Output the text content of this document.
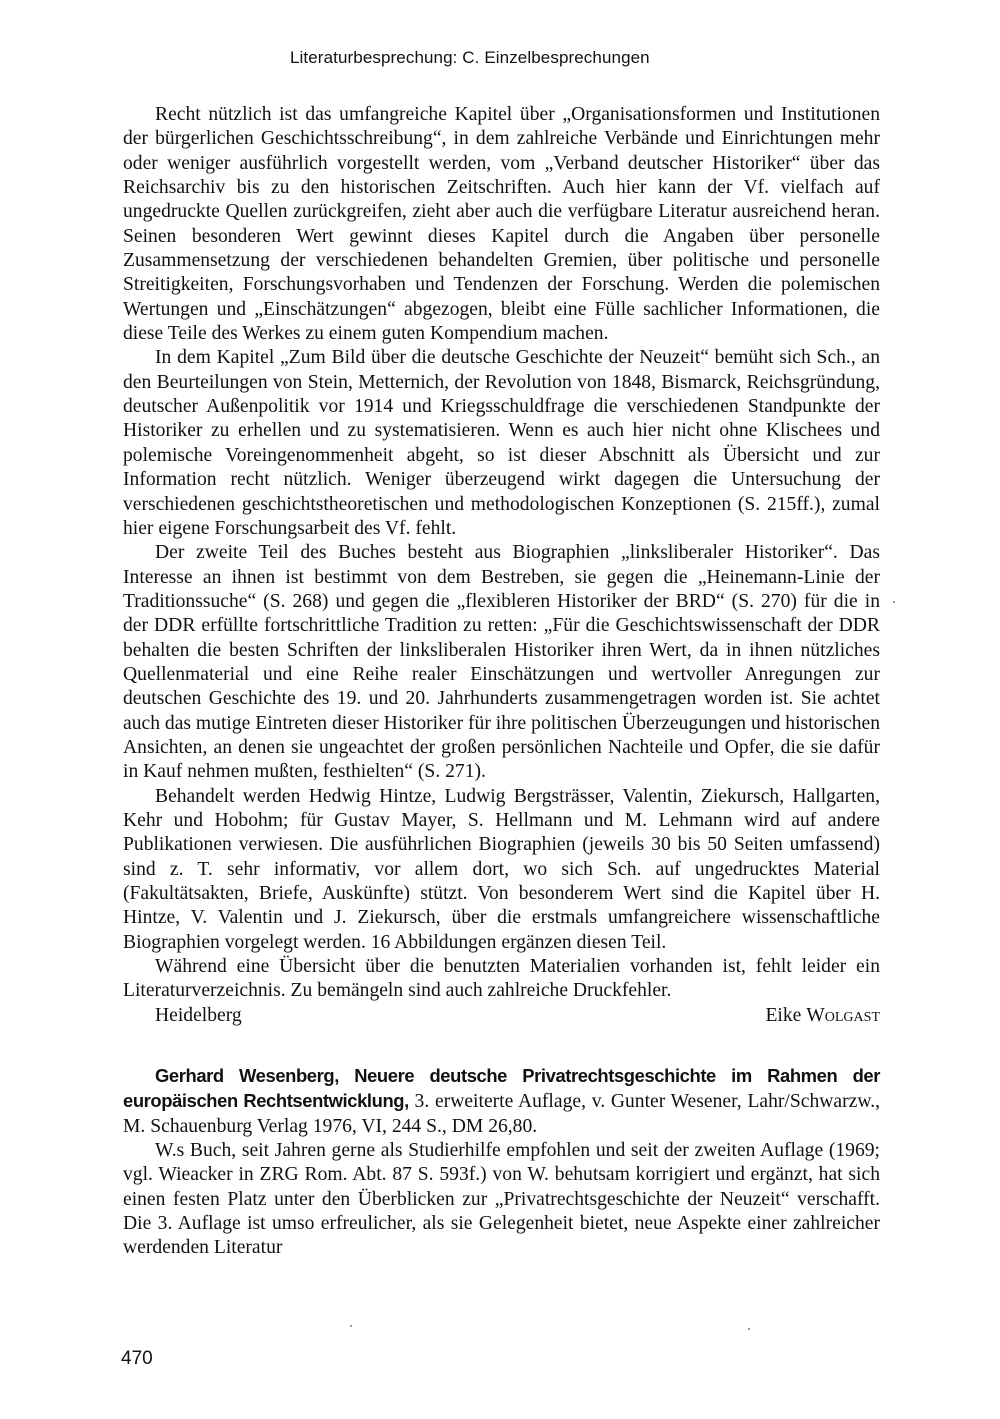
Literaturbesprechung: C. Einzelbesprechungen

Recht nützlich ist das umfangreiche Kapitel über „Organisationsformen und Institutionen der bürgerlichen Geschichtsschreibung“, in dem zahlreiche Verbände und Einrichtungen mehr oder weniger ausführlich vorgestellt werden, vom „Verband deutscher Historiker“ über das Reichsarchiv bis zu den historischen Zeitschriften. Auch hier kann der Vf. vielfach auf ungedruckte Quellen zurückgreifen, zieht aber auch die verfügbare Literatur ausreichend heran. Seinen besonderen Wert gewinnt dieses Kapitel durch die Angaben über personelle Zusammensetzung der verschiedenen behandelten Gremien, über politische und personelle Streitigkeiten, Forschungsvorhaben und Tendenzen der Forschung. Werden die polemischen Wertungen und „Einschätzungen“ abgezogen, bleibt eine Fülle sachlicher Informationen, die diese Teile des Werkes zu einem guten Kompendium machen.

In dem Kapitel „Zum Bild über die deutsche Geschichte der Neuzeit“ bemüht sich Sch., an den Beurteilungen von Stein, Metternich, der Revolution von 1848, Bismarck, Reichsgründung, deutscher Außenpolitik vor 1914 und Kriegsschuldfrage die verschiedenen Standpunkte der Historiker zu erhellen und zu systematisieren. Wenn es auch hier nicht ohne Klischees und polemische Voreingenommenheit abgeht, so ist dieser Abschnitt als Übersicht und zur Information recht nützlich. Weniger überzeugend wirkt dagegen die Untersuchung der verschiedenen geschichtstheoretischen und methodologischen Konzeptionen (S. 215ff.), zumal hier eigene Forschungsarbeit des Vf. fehlt.

Der zweite Teil des Buches besteht aus Biographien „linksliberaler Historiker“. Das Interesse an ihnen ist bestimmt von dem Bestreben, sie gegen die „Heinemann-Linie der Traditionssuche“ (S. 268) und gegen die „flexibleren Historiker der BRD“ (S. 270) für die in der DDR erfüllte fortschrittliche Tradition zu retten: „Für die Geschichtswissenschaft der DDR behalten die besten Schriften der linksliberalen Historiker ihren Wert, da in ihnen nützliches Quellenmaterial und eine Reihe realer Einschätzungen und wertvoller Anregungen zur deutschen Geschichte des 19. und 20. Jahrhunderts zusammengetragen worden ist. Sie achtet auch das mutige Eintreten dieser Historiker für ihre politischen Überzeugungen und historischen Ansichten, an denen sie ungeachtet der großen persönlichen Nachteile und Opfer, die sie dafür in Kauf nehmen mußten, festhielten“ (S. 271).

Behandelt werden Hedwig Hintze, Ludwig Bergsträsser, Valentin, Ziekursch, Hallgarten, Kehr und Hobohm; für Gustav Mayer, S. Hellmann und M. Lehmann wird auf andere Publikationen verwiesen. Die ausführlichen Biographien (jeweils 30 bis 50 Seiten umfassend) sind z. T. sehr informativ, vor allem dort, wo sich Sch. auf ungedrucktes Material (Fakultätsakten, Briefe, Auskünfte) stützt. Von besonderem Wert sind die Kapitel über H. Hintze, V. Valentin und J. Ziekursch, über die erstmals umfangreichere wissenschaftliche Biographien vorgelegt werden. 16 Abbildungen ergänzen diesen Teil.

Während eine Übersicht über die benutzten Materialien vorhanden ist, fehlt leider ein Literaturverzeichnis. Zu bemängeln sind auch zahlreiche Druckfehler.

Heidelberg	Eike Wolgast

Gerhard Wesenberg, Neuere deutsche Privatrechtsgeschichte im Rahmen der europäischen Rechtsentwicklung, 3. erweiterte Auflage, v. Gunter Wesener, Lahr/Schwarzw., M. Schauenburg Verlag 1976, VI, 244 S., DM 26,80.

W.s Buch, seit Jahren gerne als Studierhilfe empfohlen und seit der zweiten Auflage (1969; vgl. Wieacker in ZRG Rom. Abt. 87 S. 593f.) von W. behutsam korrigiert und ergänzt, hat sich einen festen Platz unter den Überblicken zur „Privatrechtsgeschichte der Neuzeit“ verschafft. Die 3. Auflage ist umso erfreulicher, als sie Gelegenheit bietet, neue Aspekte einer zahlreicher werdenden Literatur

470
